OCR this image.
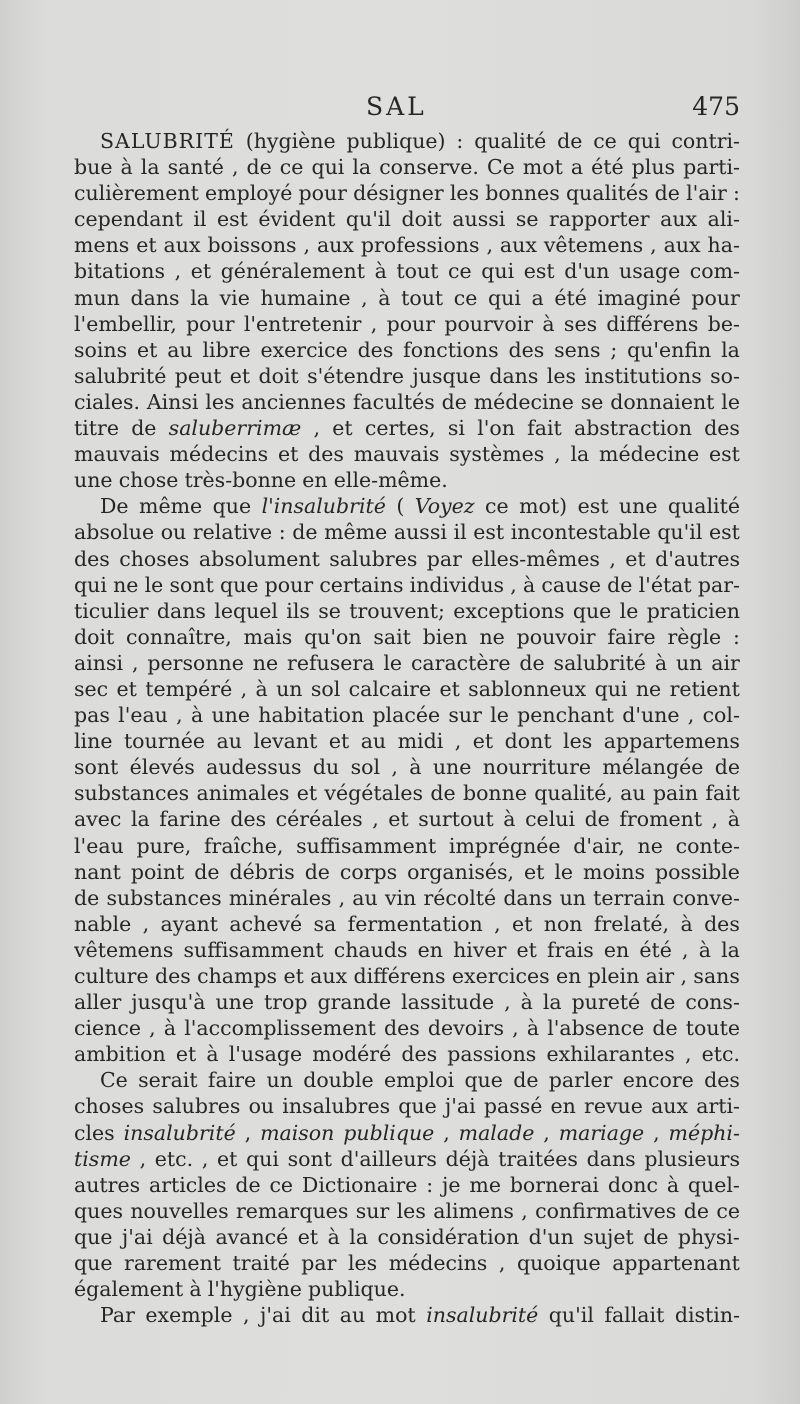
SAL	475
SALUBRITÉ (hygiène publique) : qualité de ce qui contri-
bue à la santé , de ce qui la conserve. Ce mot a été plus parti-
culièrement employé pour désigner les bonnes qualités de l'air :
cependant il est évident qu'il doit aussi se rapporter aux ali-
mens et aux boissons , aux professions , aux vêtemens , aux ha-
bitations , et généralement à tout ce qui est d'un usage com-
mun dans la vie humaine , à tout ce qui a été imaginé pour
l'embellir, pour l'entretenir , pour pourvoir à ses différens be-
soins et au libre exercice des fonctions des sens ; qu'enfin la
salubrité peut et doit s'étendre jusque dans les institutions so-
ciales. Ainsi les anciennes facultés de médecine se donnaient le
titre de saluberrimæ , et certes, si l'on fait abstraction des
mauvais médecins et des mauvais systèmes , la médecine est
une chose très-bonne en elle-même.
De même que l'insalubrité ( Voyez ce mot) est une qualité
absolue ou relative : de même aussi il est incontestable qu'il est
des choses absolument salubres par elles-mêmes , et d'autres
qui ne le sont que pour certains individus , à cause de l'état par-
ticulier dans lequel ils se trouvent; exceptions que le praticien
doit connaître, mais qu'on sait bien ne pouvoir faire règle :
ainsi , personne ne refusera le caractère de salubrité à un air
sec et tempéré , à un sol calcaire et sablonneux qui ne retient
pas l'eau , à une habitation placée sur le penchant d'une , col-
line tournée au levant et au midi , et dont les appartemens
sont élevés audessus du sol , à une nourriture mélangée de
substances animales et végétales de bonne qualité, au pain fait
avec la farine des céréales , et surtout à celui de froment , à
l'eau pure, fraîche, suffisamment imprégnée d'air, ne conte-
nant point de débris de corps organisés, et le moins possible
de substances minérales , au vin récolté dans un terrain conve-
nable , ayant achevé sa fermentation , et non frelaté, à des
vêtemens suffisamment chauds en hiver et frais en été , à la
culture des champs et aux différens exercices en plein air , sans
aller jusqu'à une trop grande lassitude , à la pureté de cons-
cience , à l'accomplissement des devoirs , à l'absence de toute
ambition et à l'usage modéré des passions exhilarantes , etc.
Ce serait faire un double emploi que de parler encore des
choses salubres ou insalubres que j'ai passé en revue aux arti-
cles insalubrité , maison publique , malade , mariage , méphi-
tisme , etc. , et qui sont d'ailleurs déjà traitées dans plusieurs
autres articles de ce Dictionaire : je me bornerai donc à quel-
ques nouvelles remarques sur les alimens , confirmatives de ce
que j'ai déjà avancé et à la considération d'un sujet de physi-
que rarement traité par les médecins , quoique appartenant
également à l'hygiène publique.
Par exemple , j'ai dit au mot insalubrité qu'il fallait distin-
